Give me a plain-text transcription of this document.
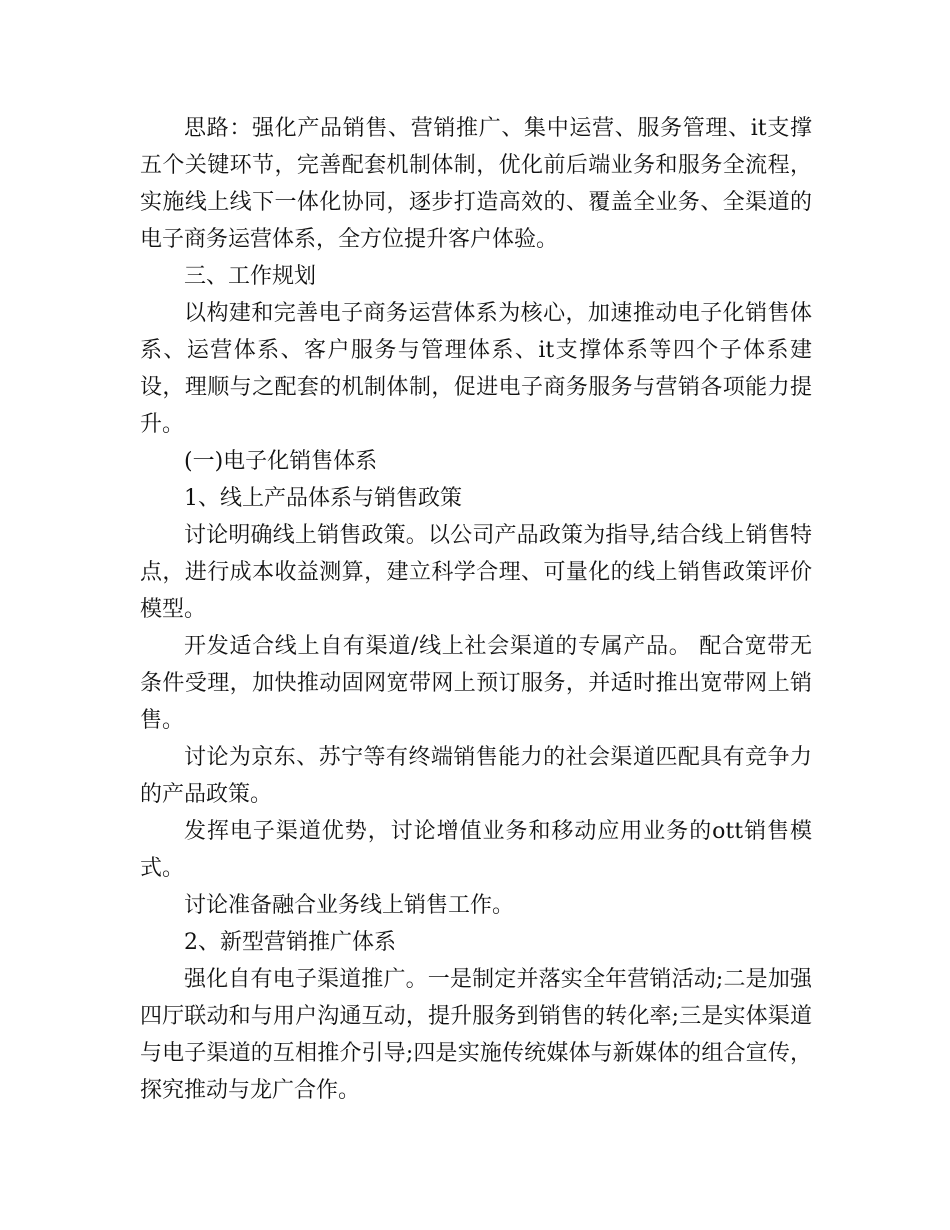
思路：强化产品销售、营销推广、集中运营、服务管理、it支撑五个关键环节，完善配套机制体制，优化前后端业务和服务全流程，实施线上线下一体化协同，逐步打造高效的、覆盖全业务、全渠道的电子商务运营体系，全方位提升客户体验。

三、工作规划

以构建和完善电子商务运营体系为核心，加速推动电子化销售体系、运营体系、客户服务与管理体系、it支撑体系等四个子体系建设，理顺与之配套的机制体制，促进电子商务服务与营销各项能力提升。

(一)电子化销售体系

1、线上产品体系与销售政策

讨论明确线上销售政策。以公司产品政策为指导,结合线上销售特点，进行成本收益测算，建立科学合理、可量化的线上销售政策评价模型。

开发适合线上自有渠道/线上社会渠道的专属产品。 配合宽带无条件受理，加快推动固网宽带网上预订服务，并适时推出宽带网上销售。

讨论为京东、苏宁等有终端销售能力的社会渠道匹配具有竞争力的产品政策。

发挥电子渠道优势，讨论增值业务和移动应用业务的ott销售模式。

讨论准备融合业务线上销售工作。

2、新型营销推广体系

强化自有电子渠道推广。一是制定并落实全年营销活动;二是加强四厅联动和与用户沟通互动，提升服务到销售的转化率;三是实体渠道与电子渠道的互相推介引导;四是实施传统媒体与新媒体的组合宣传，探究推动与龙广合作。
